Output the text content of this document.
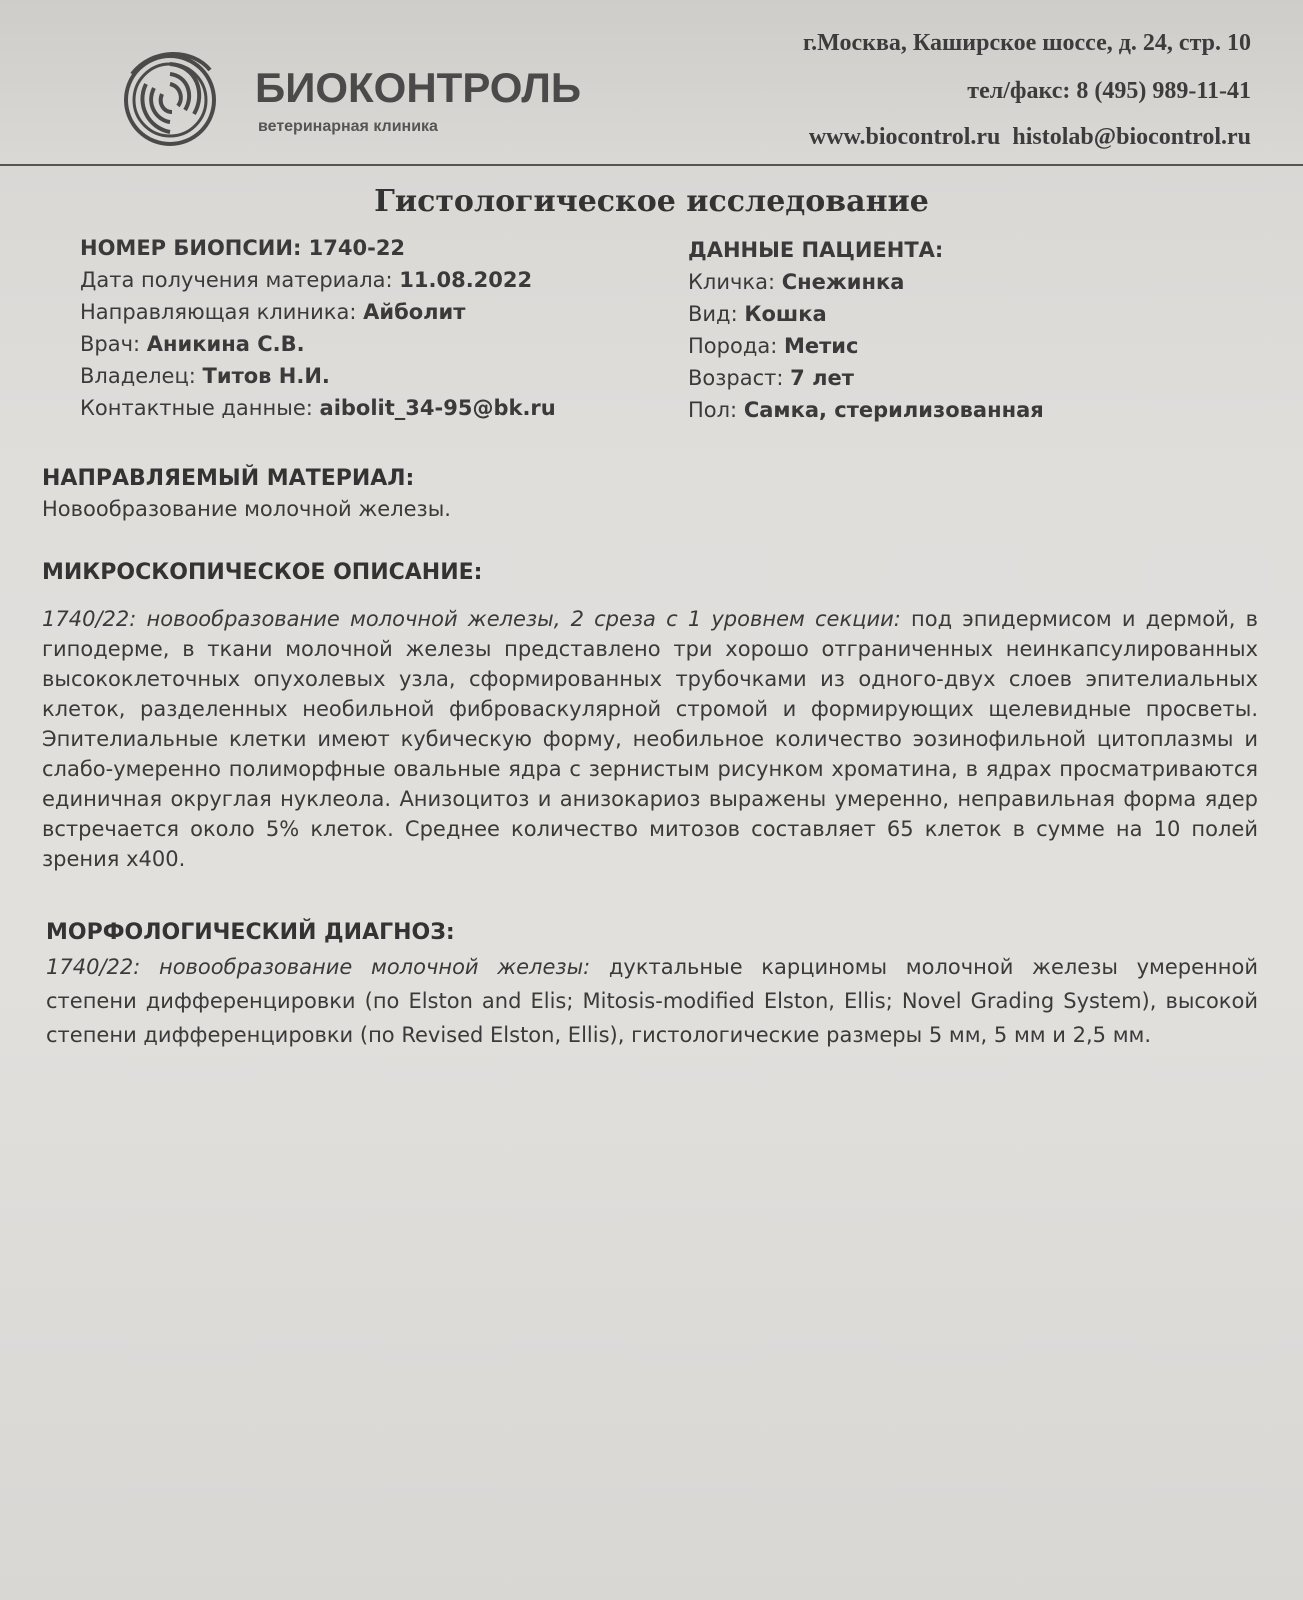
БИОКОНТРОЛЬ
ветеринарная клиника
г.Москва, Каширское шоссе, д. 24, стр. 10
тел/факс: 8 (495) 989-11-41
www.biocontrol.ru histolab@biocontrol.ru
Гистологическое исследование
НОМЕР БИОПСИИ: 1740-22
Дата получения материала: 11.08.2022
Направляющая клиника: Айболит
Врач: Аникина С.В.
Владелец: Титов Н.И.
Контактные данные: aibolit_34-95@bk.ru
ДАННЫЕ ПАЦИЕНТА:
Кличка: Снежинка
Вид: Кошка
Порода: Метис
Возраст: 7 лет
Пол: Самка, стерилизованная
НАПРАВЛЯЕМЫЙ МАТЕРИАЛ:
Новообразование молочной железы.
МИКРОСКОПИЧЕСКОЕ ОПИСАНИЕ:
1740/22: новообразование молочной железы, 2 среза с 1 уровнем секции: под эпидермисом и дермой, в гиподерме, в ткани молочной железы представлено три хорошо отграниченных неинкапсулированных высококлеточных опухолевых узла, сформированных трубочками из одного-двух слоев эпителиальных клеток, разделенных необильной фиброваскулярной стромой и формирующих щелевидные просветы. Эпителиальные клетки имеют кубическую форму, необильное количество эозинофильной цитоплазмы и слабо-умеренно полиморфные овальные ядра с зернистым рисунком хроматина, в ядрах просматриваются единичная округлая нуклеола. Анизоцитоз и анизокариоз выражены умеренно, неправильная форма ядер встречается около 5% клеток. Среднее количество митозов составляет 65 клеток в сумме на 10 полей зрения х400.
МОРФОЛОГИЧЕСКИЙ ДИАГНОЗ:
1740/22: новообразование молочной железы: дуктальные карциномы молочной железы умеренной степени дифференцировки (по Elston and Elis; Mitosis-modified Elston, Ellis; Novel Grading System), высокой степени дифференцировки (по Revised Elston, Ellis), гистологические размеры 5 мм, 5 мм и 2,5 мм.
